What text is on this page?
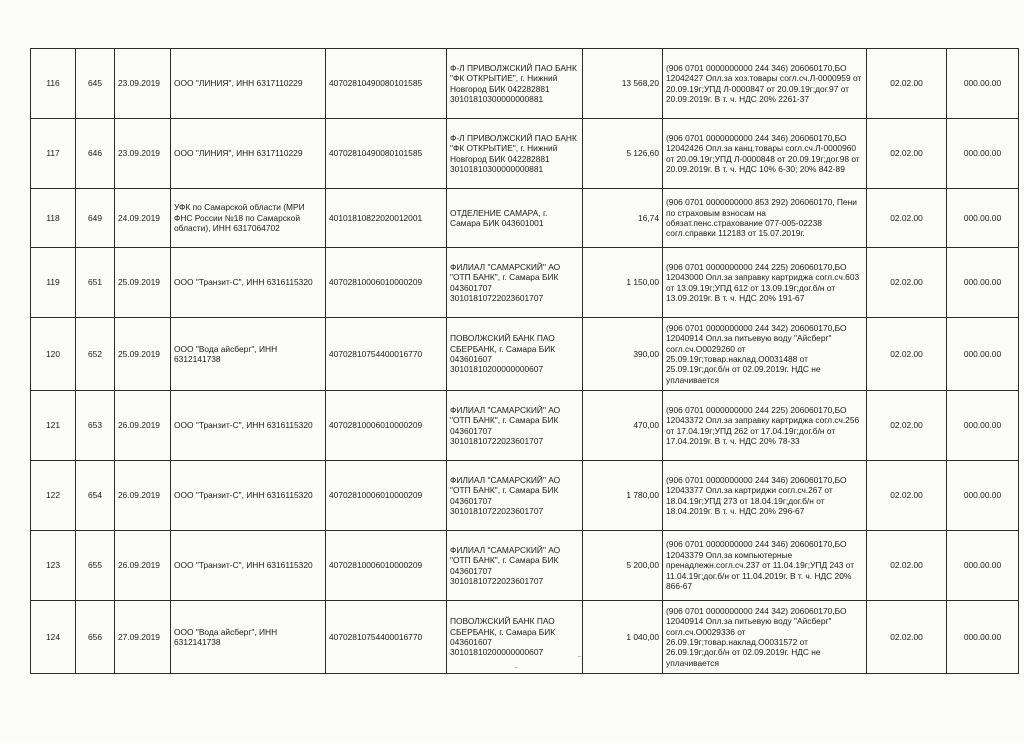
116	645	23.09.2019	ООО "ЛИНИЯ", ИНН 6317110229	40702810490080101585	Ф-Л ПРИВОЛЖСКИЙ ПАО БАНК "ФК ОТКРЫТИЕ", г. Нижний Новгород БИК 042282881 30101810300000000881	13 568,20	(906 0701 0000000000 244 346) 206060170,БО 12042427 Опл.за хоз.товары согл.сч.Л-0000959 от 20.09.19г;УПД Л-0000847 от 20.09.19г;дог.97 от 20.09.2019г. В т. ч. НДС 20% 2261-37	02.02.00	000.00.00
117	646	23.09.2019	ООО "ЛИНИЯ", ИНН 6317110229	40702810490080101585	Ф-Л ПРИВОЛЖСКИЙ ПАО БАНК "ФК ОТКРЫТИЕ", г. Нижний Новгород БИК 042282881 30101810300000000881	5 126,60	(906 0701 0000000000 244 346) 206060170,БО 12042426 Опл.за канц.товары согл.сч.Л-0000960 от 20.09.19г;УПД Л-0000848 от 20.09.19г;дог.98 от 20.09.2019г. В т. ч. НДС 10% 6-30; 20% 842-89	02.02.00	000.00.00
118	649	24.09.2019	УФК по Самарской области (МРИ ФНС России №18 по Самарской области), ИНН 6317064702	40101810822020012001	ОТДЕЛЕНИЕ САМАРА, г. Самара БИК 043601001	16,74	(906 0701 0000000000 853 292) 206060170, Пени по страховым взносам на обязат.пенс.страхование 077-005-02238 согл.справки 112183 от 15.07.2019г.	02.02.00	000.00.00
119	651	25.09.2019	ООО "Транзит-С", ИНН 6316115320	40702810006010000209	ФИЛИАЛ "САМАРСКИЙ" АО "ОТП БАНК", г. Самара БИК 043601707 30101810722023601707	1 150,00	(906 0701 0000000000 244 225) 206060170,БО 12043000 Опл.за заправку картриджа согл.сч.603 от 13.09.19г;УПД 612 от 13.09.19г;дог.б/н от 13.09.2019г. В т. ч. НДС 20% 191-67	02.02.00	000.00.00
120	652	25.09.2019	ООО "Вода айсберг", ИНН 6312141738	40702810754400016770	ПОВОЛЖСКИЙ БАНК ПАО СБЕРБАНК, г. Самара БИК 043601607 30101810200000000607	390,00	(906 0701 0000000000 244 342) 206060170,БО 12040914 Опл.за питьевую воду "Айсберг" согл.сч.О0029260 от 25.09.19г;товар.наклад.О0031488 от 25.09.19г;дог.б/н от 02.09.2019г. НДС не уплачивается	02.02.00	000.00.00
121	653	26.09.2019	ООО "Транзит-С", ИНН 6316115320	40702810006010000209	ФИЛИАЛ "САМАРСКИЙ" АО "ОТП БАНК", г. Самара БИК 043601707 30101810722023601707	470,00	(906 0701 0000000000 244 225) 206060170,БО 12043372 Опл.за заправку картриджа согл.сч.256 от 17.04.19г;УПД 262 от 17.04.19г;дог.б/н от 17.04.2019г. В т. ч. НДС 20% 78-33	02.02.00	000.00.00
122	654	26.09.2019	ООО "Транзит-С", ИНН 6316115320	40702810006010000209	ФИЛИАЛ "САМАРСКИЙ" АО "ОТП БАНК", г. Самара БИК 043601707 30101810722023601707	1 780,00	(906 0701 0000000000 244 346) 206060170,БО 12043377 Опл.за картриджи согл.сч.267 от 18.04.19г;УПД 273 от 18.04.19г;дог.б/н от 18.04.2019г. В т. ч. НДС 20% 296-67	02.02.00	000.00.00
123	655	26.09.2019	ООО "Транзит-С", ИНН 6316115320	40702810006010000209	ФИЛИАЛ "САМАРСКИЙ" АО "ОТП БАНК", г. Самара БИК 043601707 30101810722023601707	5 200,00	(906 0701 0000000000 244 346) 206060170,БО 12043379 Опл.за компьютерные пренадлежн.согл.сч.237 от 11.04.19г;УПД 243 от 11.04.19г;дог.б/н от 11.04.2019г. В т. ч. НДС 20% 866-67	02.02.00	000.00.00
124	656	27.09.2019	ООО "Вода айсберг", ИНН 6312141738	40702810754400016770	ПОВОЛЖСКИЙ БАНК ПАО СБЕРБАНК, г. Самара БИК 043601607 30101810200000000607	1 040,00	(906 0701 0000000000 244 342) 206060170,БО 12040914 Опл.за питьевую воду "Айсберг" согл.сч.О0029336 от 26.09.19г;товар.наклад.О0031572 от 26.09.19г;дог.б/н от 02.09.2019г. НДС не уплачивается	02.02.00	000.00.00
